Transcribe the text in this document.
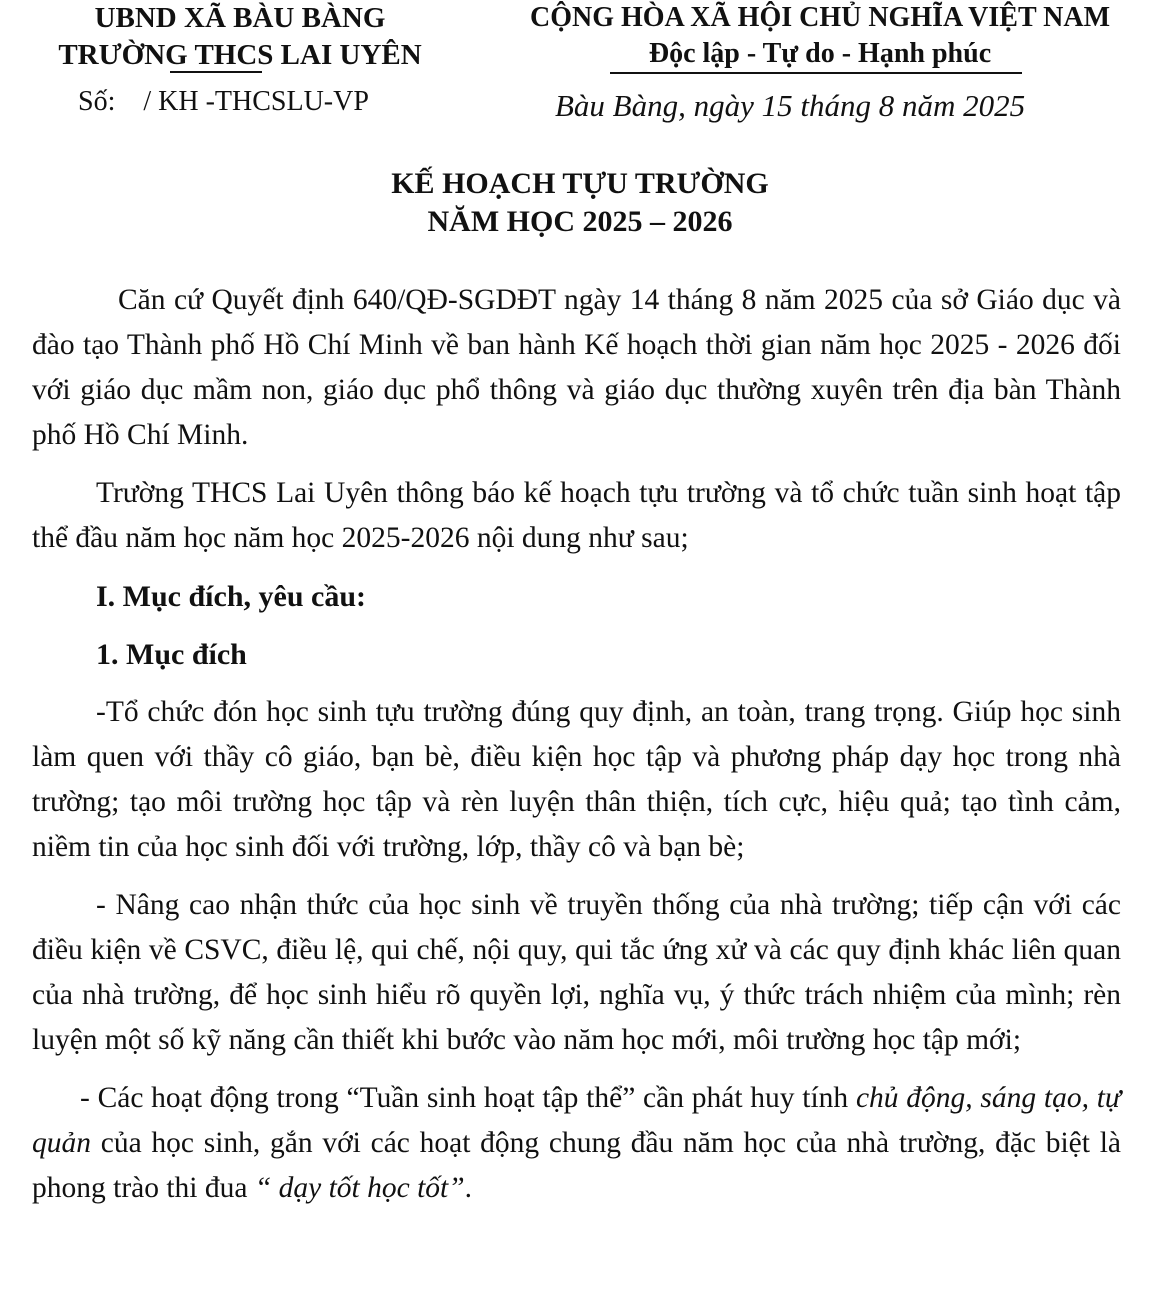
UBND XÃ BÀU BÀNG
TRƯỜNG THCS LAI UYÊN
CỘNG HÒA XÃ HỘI CHỦ NGHĨA VIỆT NAM
Độc lập - Tự do - Hạnh phúc
Số:    / KH -THCSLU-VP	Bàu Bàng, ngày 15 tháng 8 năm 2025
KẾ HOẠCH TỰU TRƯỜNG
NĂM HỌC 2025 – 2026

Căn cứ Quyết định 640/QĐ-SGDĐT ngày 14 tháng 8 năm 2025 của sở Giáo dục và đào tạo Thành phố Hồ Chí Minh về ban hành Kế hoạch thời gian năm học 2025 - 2026 đối với giáo dục mầm non, giáo dục phổ thông và giáo dục thường xuyên trên địa bàn Thành phố Hồ Chí Minh.

Trường THCS Lai Uyên thông báo kế hoạch tựu trường và tổ chức tuần sinh hoạt tập thể đầu năm học năm học 2025-2026 nội dung như sau;

I. Mục đích, yêu cầu:

1. Mục đích

-Tổ chức đón học sinh tựu trường đúng quy định, an toàn, trang trọng. Giúp học sinh làm quen với thầy cô giáo, bạn bè, điều kiện học tập và phương pháp dạy học trong nhà trường; tạo môi trường học tập và rèn luyện thân thiện, tích cực, hiệu quả; tạo tình cảm, niềm tin của học sinh đối với trường, lớp, thầy cô và bạn bè;

- Nâng cao nhận thức của học sinh về truyền thống của nhà trường; tiếp cận với các điều kiện về CSVC, điều lệ, qui chế, nội quy, qui tắc ứng xử và các quy định khác liên quan của nhà trường, để học sinh hiểu rõ quyền lợi, nghĩa vụ, ý thức trách nhiệm của mình; rèn luyện một số kỹ năng cần thiết khi bước vào năm học mới, môi trường học tập mới;

- Các hoạt động trong “Tuần sinh hoạt tập thể” cần phát huy tính chủ động, sáng tạo, tự quản của học sinh, gắn với các hoạt động chung đầu năm học của nhà trường, đặc biệt là phong trào thi đua “ dạy tốt học tốt”.
